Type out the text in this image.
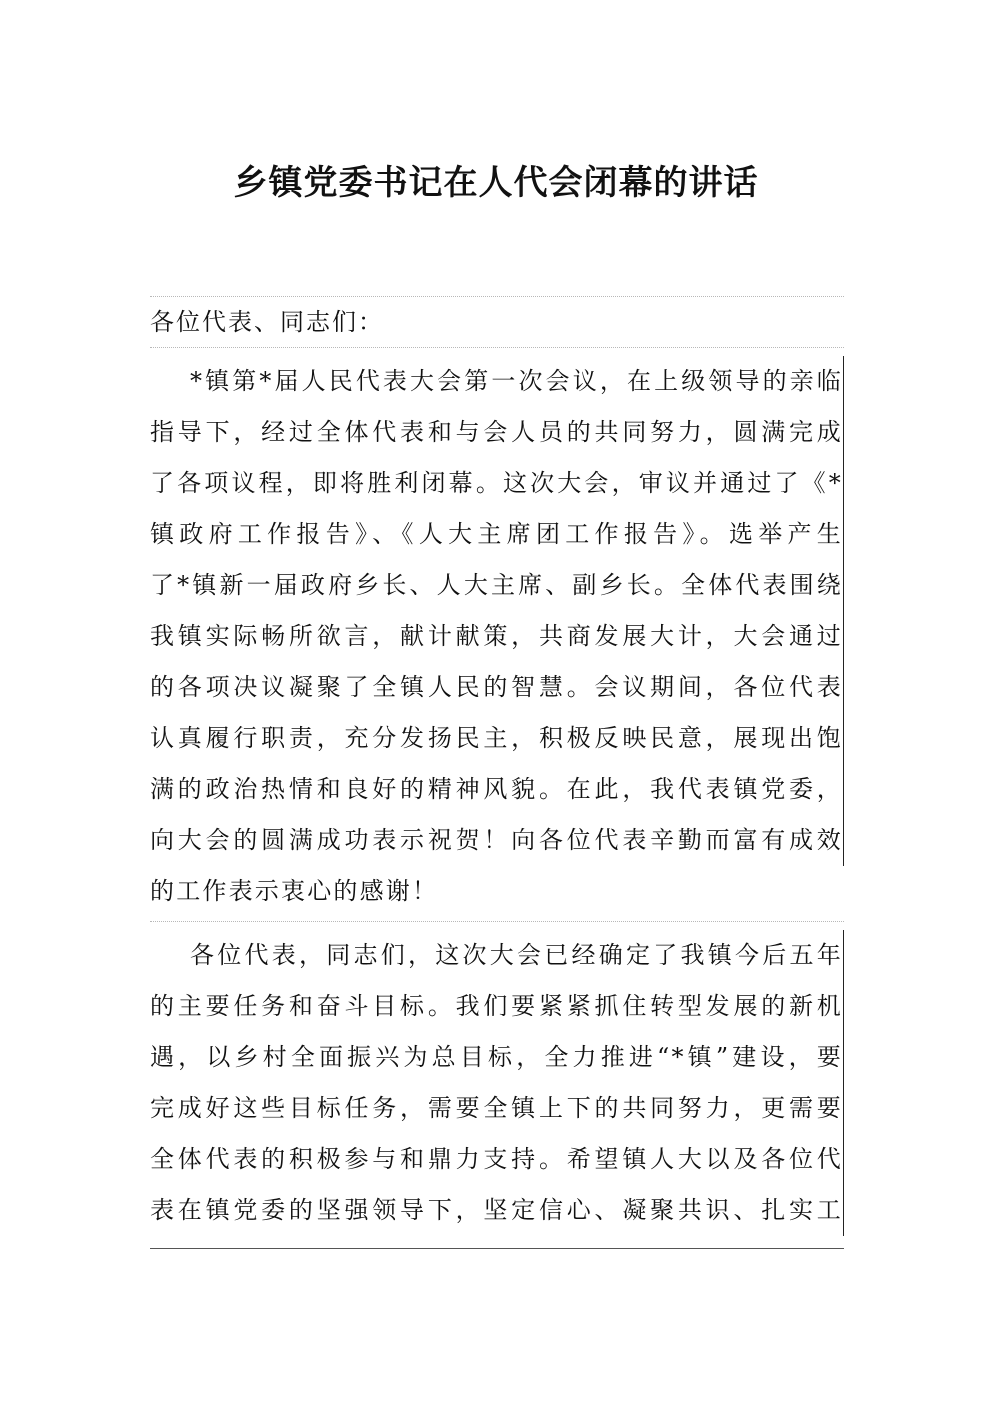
乡镇党委书记在人代会闭幕的讲话

各位代表、同志们：

*镇第*届人民代表大会第一次会议，在上级领导的亲临
指导下，经过全体代表和与会人员的共同努力，圆满完成
了各项议程，即将胜利闭幕。这次大会，审议并通过了《*
镇政府工作报告》、《人大主席团工作报告》。选举产生
了*镇新一届政府乡长、人大主席、副乡长。全体代表围绕
我镇实际畅所欲言，献计献策，共商发展大计，大会通过
的各项决议凝聚了全镇人民的智慧。会议期间，各位代表
认真履行职责，充分发扬民主，积极反映民意，展现出饱
满的政治热情和良好的精神风貌。在此，我代表镇党委，
向大会的圆满成功表示祝贺！向各位代表辛勤而富有成效
的工作表示衷心的感谢！
各位代表，同志们，这次大会已经确定了我镇今后五年
的主要任务和奋斗目标。我们要紧紧抓住转型发展的新机
遇，以乡村全面振兴为总目标，全力推进“*镇”建设，要
完成好这些目标任务，需要全镇上下的共同努力，更需要
全体代表的积极参与和鼎力支持。希望镇人大以及各位代
表在镇党委的坚强领导下，坚定信心、凝聚共识、扎实工
